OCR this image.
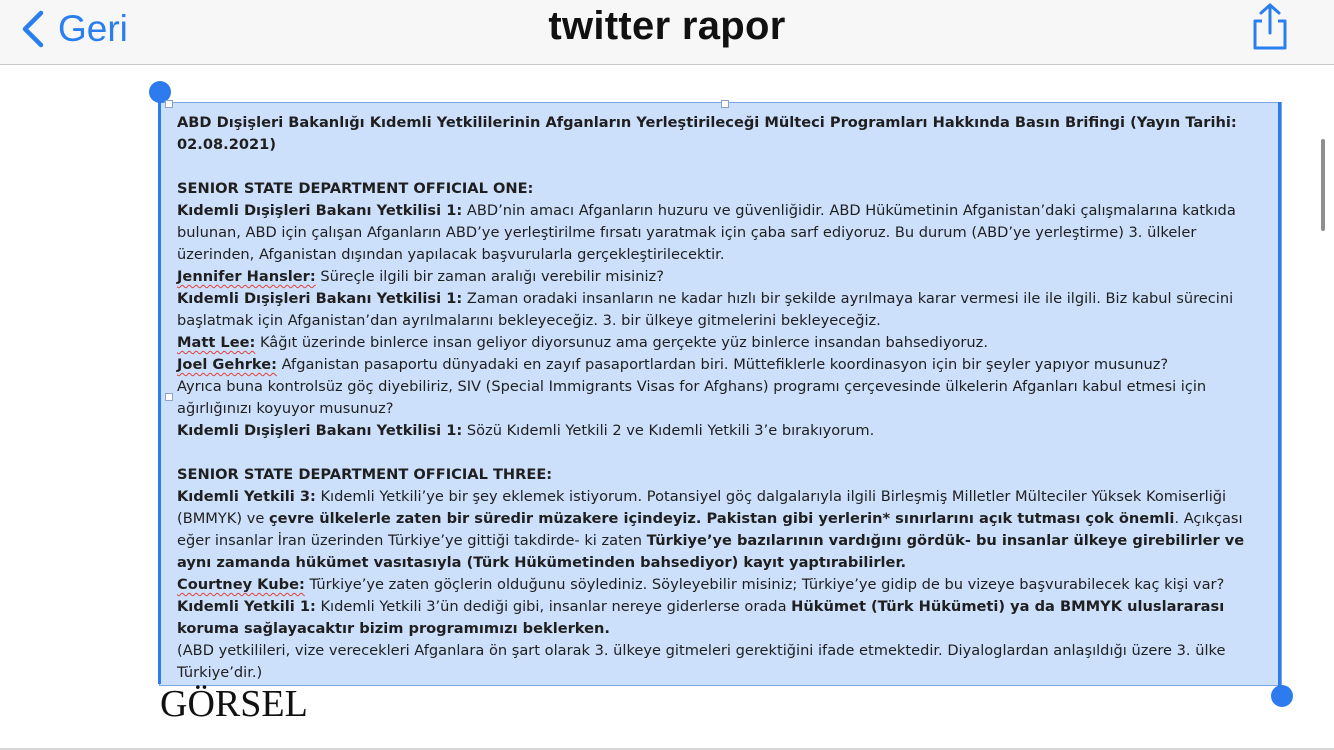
Geri	twitter rapor

ABD Dışişleri Bakanlığı Kıdemli Yetkililerinin Afganların Yerleştirileceği Mülteci Programları Hakkında Basın Brifingi (Yayın Tarihi: 02.08.2021)

SENIOR STATE DEPARTMENT OFFICIAL ONE:

Kıdemli Dışişleri Bakanı Yetkilisi 1: ABD’nin amacı Afganların huzuru ve güvenliğidir. ABD Hükümetinin Afganistan’daki çalışmalarına katkıda bulunan, ABD için çalışan Afganların ABD’ye yerleştirilme fırsatı yaratmak için çaba sarf ediyoruz. Bu durum (ABD’ye yerleştirme) 3. ülkeler üzerinden, Afganistan dışından yapılacak başvurularla gerçekleştirilecektir.

Jennifer Hansler: Süreçle ilgili bir zaman aralığı verebilir misiniz?

Kıdemli Dışişleri Bakanı Yetkilisi 1: Zaman oradaki insanların ne kadar hızlı bir şekilde ayrılmaya karar vermesi ile ile ilgili. Biz kabul sürecini başlatmak için Afganistan’dan ayrılmalarını bekleyeceğiz. 3. bir ülkeye gitmelerini bekleyeceğiz.

Matt Lee: Kâğıt üzerinde binlerce insan geliyor diyorsunuz ama gerçekte yüz binlerce insandan bahsediyoruz.

Joel Gehrke: Afganistan pasaportu dünyadaki en zayıf pasaportlardan biri. Müttefiklerle koordinasyon için bir şeyler yapıyor musunuz?

Ayrıca buna kontrolsüz göç diyebiliriz, SIV (Special Immigrants Visas for Afghans) programı çerçevesinde ülkelerin Afganları kabul etmesi için ağırlığınızı koyuyor musunuz?

Kıdemli Dışişleri Bakanı Yetkilisi 1: Sözü Kıdemli Yetkili 2 ve Kıdemli Yetkili 3’e bırakıyorum.

SENIOR STATE DEPARTMENT OFFICIAL THREE:

Kıdemli Yetkili 3: Kıdemli Yetkili’ye bir şey eklemek istiyorum. Potansiyel göç dalgalarıyla ilgili Birleşmiş Milletler Mülteciler Yüksek Komiserliği (BMMYK) ve çevre ülkelerle zaten bir süredir müzakere içindeyiz. Pakistan gibi yerlerin* sınırlarını açık tutması çok önemli. Açıkçası eğer insanlar İran üzerinden Türkiye’ye gittiği takdirde- ki zaten Türkiye’ye bazılarının vardığını gördük- bu insanlar ülkeye girebilirler ve aynı zamanda hükümet vasıtasıyla (Türk Hükümetinden bahsediyor) kayıt yaptırabilirler.

Courtney Kube: Türkiye’ye zaten göçlerin olduğunu söylediniz. Söyleyebilir misiniz; Türkiye’ye gidip de bu vizeye başvurabilecek kaç kişi var?

Kıdemli Yetkili 1: Kıdemli Yetkili 3’ün dediği gibi, insanlar nereye giderlerse orada Hükümet (Türk Hükümeti) ya da BMMYK uluslararası koruma sağlayacaktır bizim programımızı beklerken.

(ABD yetkilileri, vize verecekleri Afganlara ön şart olarak 3. ülkeye gitmeleri gerektiğini ifade etmektedir. Diyaloglardan anlaşıldığı üzere 3. ülke Türkiye’dir.)

GÖRSEL
